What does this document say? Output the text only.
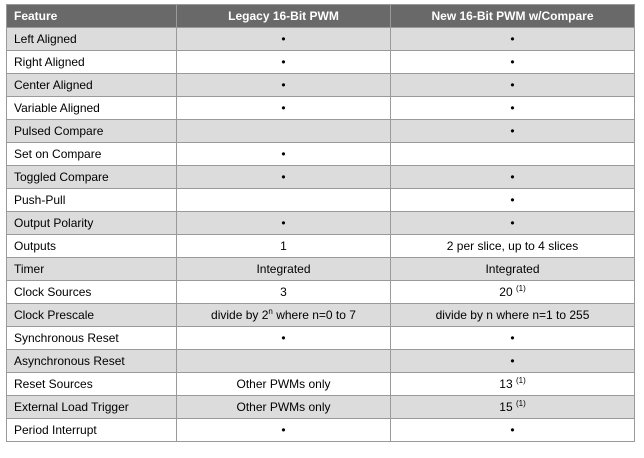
Feature	Legacy 16-Bit PWM	New 16-Bit PWM w/Compare
Left Aligned	•	•
Right Aligned	•	•
Center Aligned	•	•
Variable Aligned	•	•
Pulsed Compare		•
Set on Compare	•	
Toggled Compare	•	•
Push-Pull		•
Output Polarity	•	•
Outputs	1	2 per slice, up to 4 slices
Timer	Integrated	Integrated
Clock Sources	3	20 $^{(1)}$
Clock Prescale	divide by 2$^n$ where n=0 to 7	divide by n where n=1 to 255
Synchronous Reset	•	•
Asynchronous Reset		•
Reset Sources	Other PWMs only	13 $^{(1)}$
External Load Trigger	Other PWMs only	15 $^{(1)}$
Period Interrupt	•	•
